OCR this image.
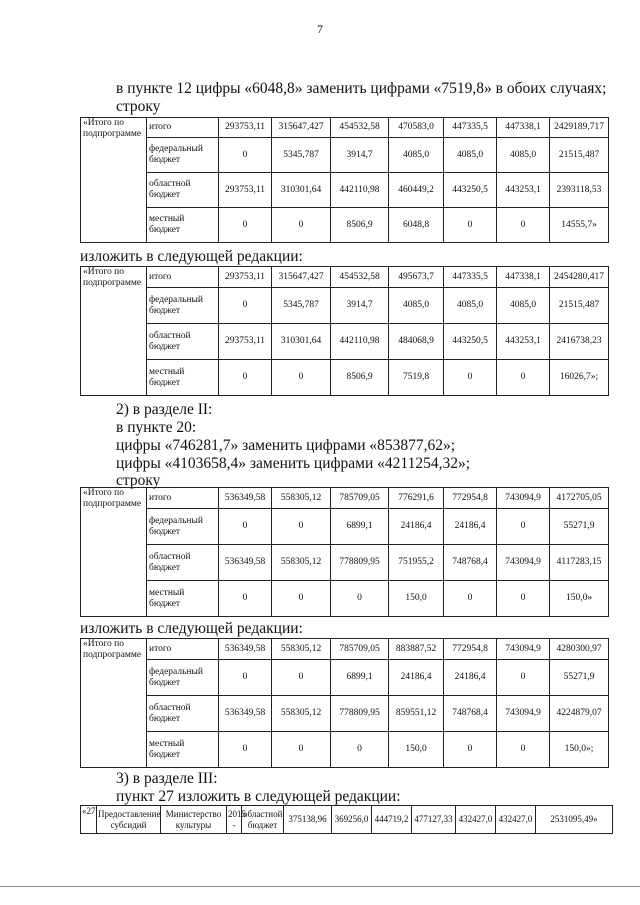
7
в пункте 12 цифры «6048,8» заменить цифрами «7519,8» в обоих случаях;
строку
«Итого по подпрограмме	итого	293753,11	315647,427	454532,58	470583,0	447335,5	447338,1	2429189,717
	федеральный бюджет	0	5345,787	3914,7	4085,0	4085,0	4085,0	21515,487
	областной бюджет	293753,11	310301,64	442110,98	460449,2	443250,5	443253,1	2393118,53
	местный бюджет	0	0	8506,9	6048,8	0	0	14555,7»
изложить в следующей редакции:
«Итого по подпрограмме	итого	293753,11	315647,427	454532,58	495673,7	447335,5	447338,1	2454280,417
	федеральный бюджет	0	5345,787	3914,7	4085,0	4085,0	4085,0	21515,487
	областной бюджет	293753,11	310301,64	442110,98	484068,9	443250,5	443253,1	2416738,23
	местный бюджет	0	0	8506,9	7519,8	0	0	16026,7»;
2) в разделе II:
в пункте 20:
цифры «746281,7» заменить цифрами «853877,62»;
цифры «4103658,4» заменить цифрами «4211254,32»;
строку
«Итого по подпрограмме	итого	536349,58	558305,12	785709,05	776291,6	772954,8	743094,9	4172705,05
	федеральный бюджет	0	0	6899,1	24186,4	24186,4	0	55271,9
	областной бюджет	536349,58	558305,12	778809,95	751955,2	748768,4	743094,9	4117283,15
	местный бюджет	0	0	0	150,0	0	0	150,0»
изложить в следующей редакции:
«Итого по подпрограмме	итого	536349,58	558305,12	785709,05	883887,52	772954,8	743094,9	4280300,97
	федеральный бюджет	0	0	6899,1	24186,4	24186,4	0	55271,9
	областной бюджет	536349,58	558305,12	778809,95	859551,12	748768,4	743094,9	4224879,07
	местный бюджет	0	0	0	150,0	0	0	150,0»;
3) в разделе III:
пункт 27 изложить в следующей редакции:
«27	Предоставление субсидий	Министерство культуры	2015 -	областной бюджет	375138,96	369256,0	444719,2	477127,33	432427,0	432427,0	2531095,49»
